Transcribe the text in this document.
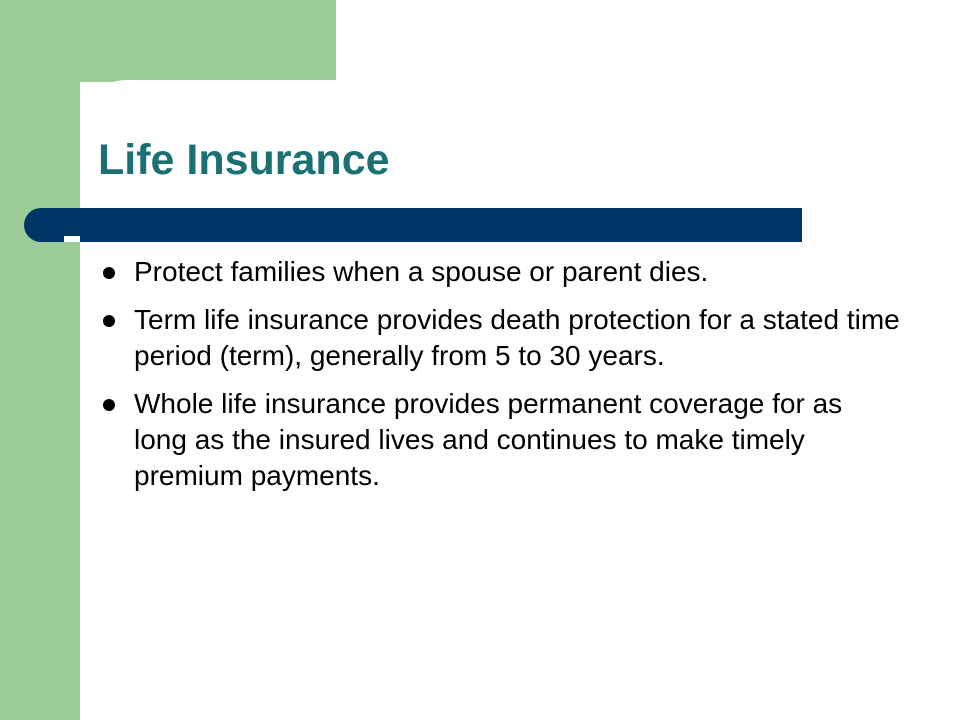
Life Insurance
Protect families when a spouse or parent dies.
Term life insurance provides death protection for a stated time period (term), generally from 5 to 30 years.
Whole life insurance provides permanent coverage for as long as the insured lives and continues to make timely premium payments.
